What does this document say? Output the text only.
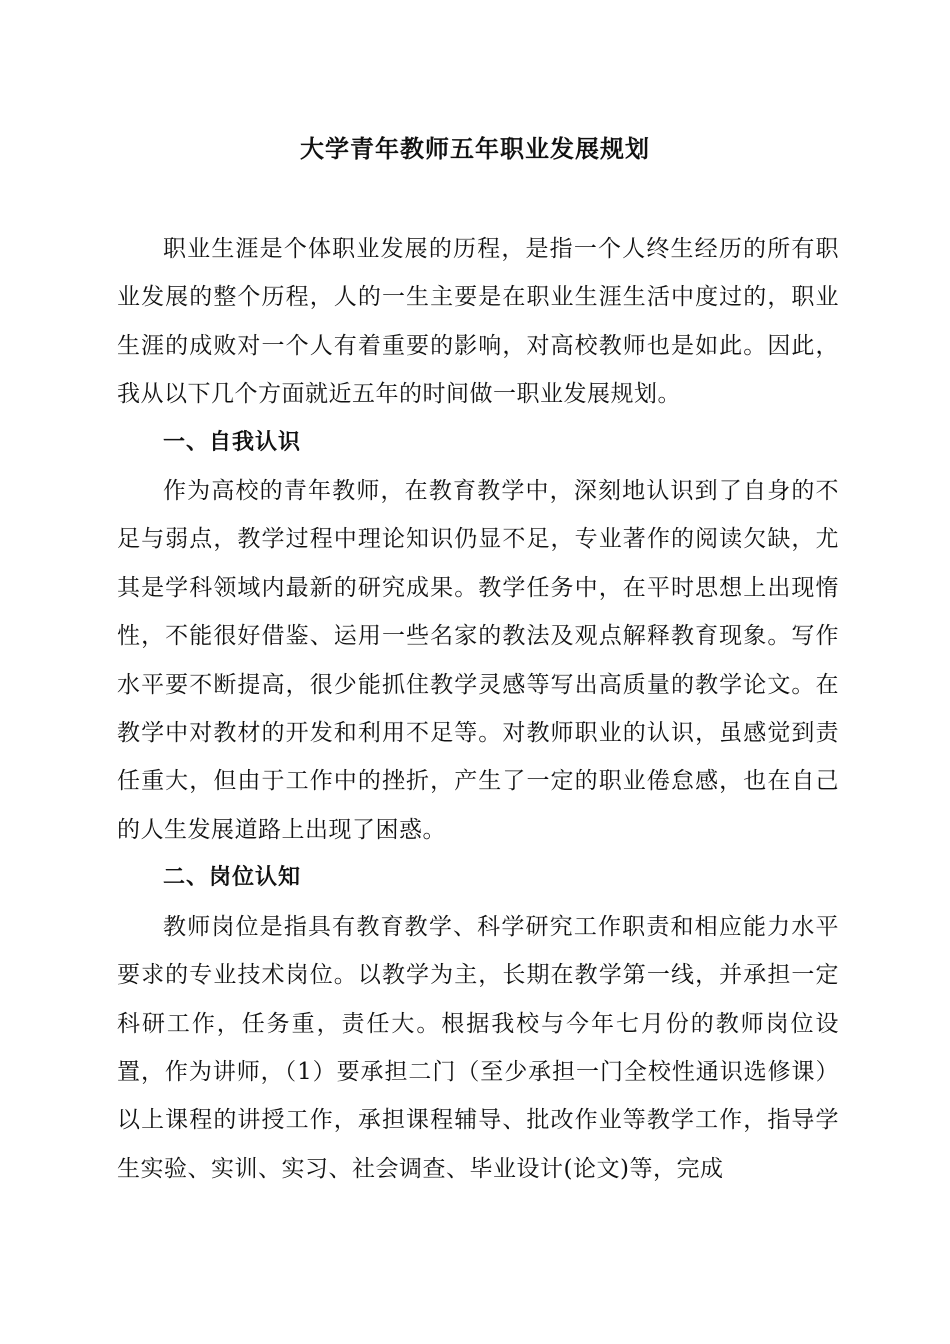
大学青年教师五年职业发展规划

职业生涯是个体职业发展的历程，是指一个人终生经历的所有职业发展的整个历程，人的一生主要是在职业生涯生活中度过的，职业生涯的成败对一个人有着重要的影响，对高校教师也是如此。因此，我从以下几个方面就近五年的时间做一职业发展规划。

一、自我认识

作为高校的青年教师，在教育教学中，深刻地认识到了自身的不足与弱点，教学过程中理论知识仍显不足，专业著作的阅读欠缺，尤其是学科领域内最新的研究成果。教学任务中，在平时思想上出现惰性，不能很好借鉴、运用一些名家的教法及观点解释教育现象。写作水平要不断提高，很少能抓住教学灵感等写出高质量的教学论文。在教学中对教材的开发和利用不足等。对教师职业的认识，虽感觉到责任重大，但由于工作中的挫折，产生了一定的职业倦怠感，也在自己的人生发展道路上出现了困惑。

二、岗位认知

教师岗位是指具有教育教学、科学研究工作职责和相应能力水平要求的专业技术岗位。以教学为主，长期在教学第一线，并承担一定科研工作，任务重，责任大。根据我校与今年七月份的教师岗位设置，作为讲师，（1）要承担二门（至少承担一门全校性通识选修课）以上课程的讲授工作，承担课程辅导、批改作业等教学工作，指导学生实验、实训、实习、社会调查、毕业设计(论文)等，完成
